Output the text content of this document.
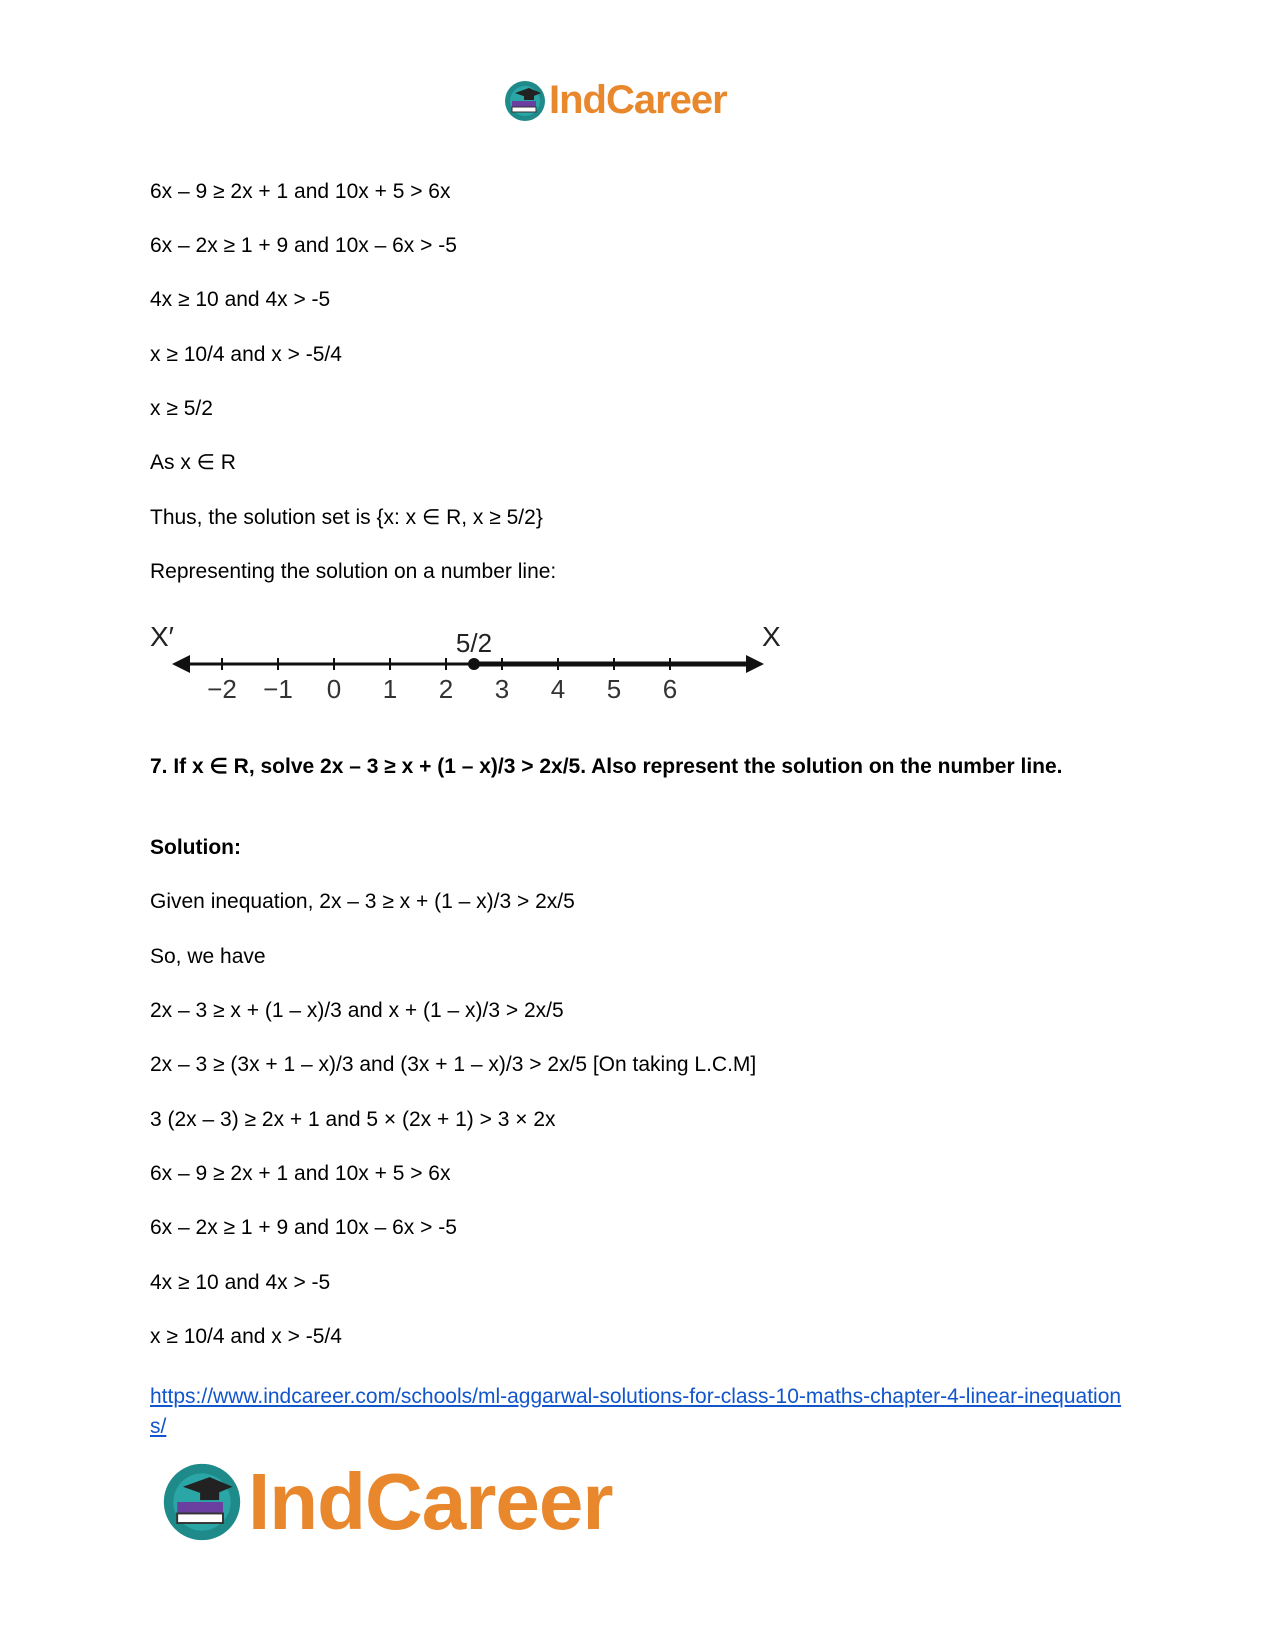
IndCareer
6x – 9 ≥ 2x + 1 and 10x + 5 > 6x
6x – 2x ≥ 1 + 9 and 10x – 6x > -5
4x ≥ 10 and 4x > -5
x ≥ 10/4 and x > -5/4
x ≥ 5/2
As x ∈ R
Thus, the solution set is {x: x ∈ R, x ≥ 5/2}
Representing the solution on a number line:
X′	X
−2 −1 0 1 2 3 4 5 6
5/2
7. If x ∈ R, solve 2x – 3 ≥ x + (1 – x)/3 > 2x/5. Also represent the solution on the number line.
Solution:
Given inequation, 2x – 3 ≥ x + (1 – x)/3 > 2x/5
So, we have
2x – 3 ≥ x + (1 – x)/3 and x + (1 – x)/3 > 2x/5
2x – 3 ≥ (3x + 1 – x)/3 and (3x + 1 – x)/3 > 2x/5 [On taking L.C.M]
3 (2x – 3) ≥ 2x + 1 and 5 × (2x + 1) > 3 × 2x
6x – 9 ≥ 2x + 1 and 10x + 5 > 6x
6x – 2x ≥ 1 + 9 and 10x – 6x > -5
4x ≥ 10 and 4x > -5
x ≥ 10/4 and x > -5/4
https://www.indcareer.com/schools/ml-aggarwal-solutions-for-class-10-maths-chapter-4-linear-inequations/
IndCareer
